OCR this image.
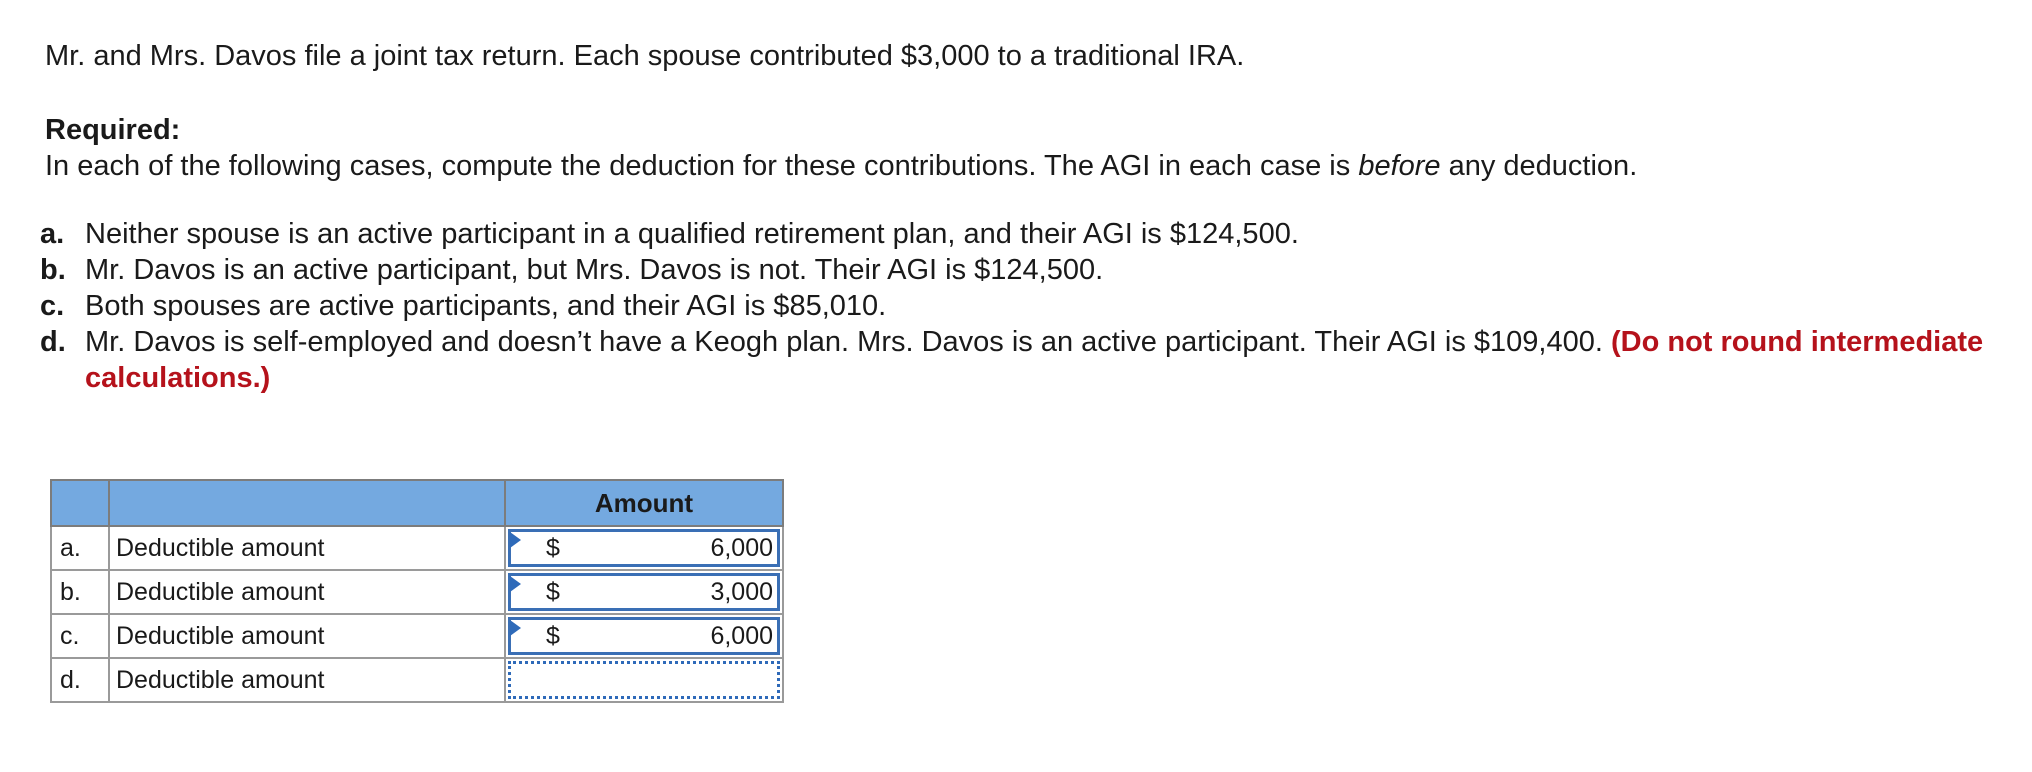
Mr. and Mrs. Davos file a joint tax return. Each spouse contributed $3,000 to a traditional IRA.
Required:
In each of the following cases, compute the deduction for these contributions. The AGI in each case is before any deduction.
a. Neither spouse is an active participant in a qualified retirement plan, and their AGI is $124,500.
b. Mr. Davos is an active participant, but Mrs. Davos is not. Their AGI is $124,500.
c. Both spouses are active participants, and their AGI is $85,010.
d. Mr. Davos is self-employed and doesn’t have a Keogh plan. Mrs. Davos is an active participant. Their AGI is $109,400. (Do not round intermediate calculations.)
		Amount
a.	Deductible amount	$ 6,000

b.	Deductible amount	$ 3,000

c.	Deductible amount	$ 6,000

d.	Deductible amount	
